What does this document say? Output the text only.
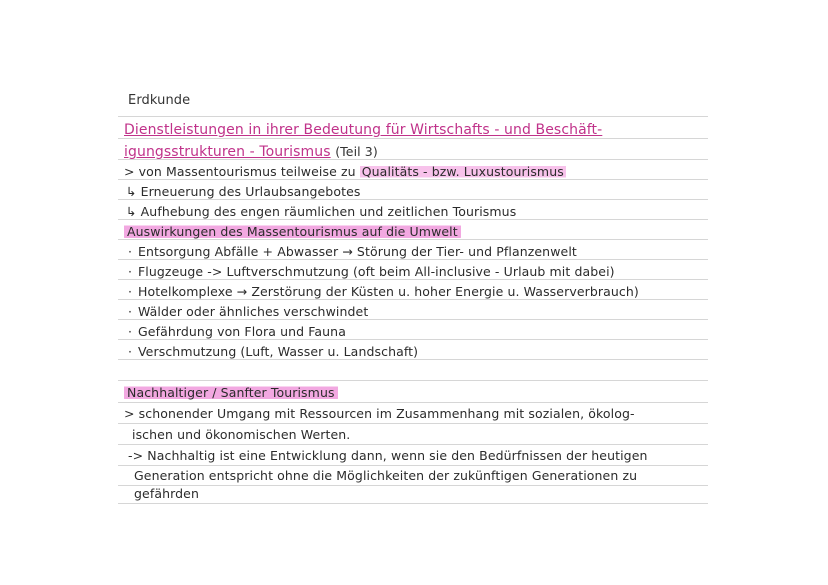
Erdkunde
Dienstleistungen in ihrer Bedeutung für Wirtschafts - und Beschäft-
igungsstrukturen - Tourismus (Teil 3)
> von Massentourismus teilweise zu Qualitäts - bzw. Luxustourismus
↳ Erneuerung des Urlaubsangebotes
↳ Aufhebung des engen räumlichen und zeitlichen Tourismus
Auswirkungen des Massentourismus auf die Umwelt
· Entsorgung Abfälle + Abwasser → Störung der Tier- und Pflanzenwelt
· Flugzeuge -> Luftverschmutzung (oft beim All-inclusive - Urlaub mit dabei)
· Hotelkomplexe → Zerstörung der Küsten u. hoher Energie u. Wasserverbrauch)
· Wälder oder ähnliches verschwindet
· Gefährdung von Flora und Fauna
· Verschmutzung (Luft, Wasser u. Landschaft)
Nachhaltiger / Sanfter Tourismus
> schonender Umgang mit Ressourcen im Zusammenhang mit sozialen, ökolog-
ischen und ökonomischen Werten.
-> Nachhaltig ist eine Entwicklung dann, wenn sie den Bedürfnissen der heutigen
Generation entspricht ohne die Möglichkeiten der zukünftigen Generationen zu
gefährden
